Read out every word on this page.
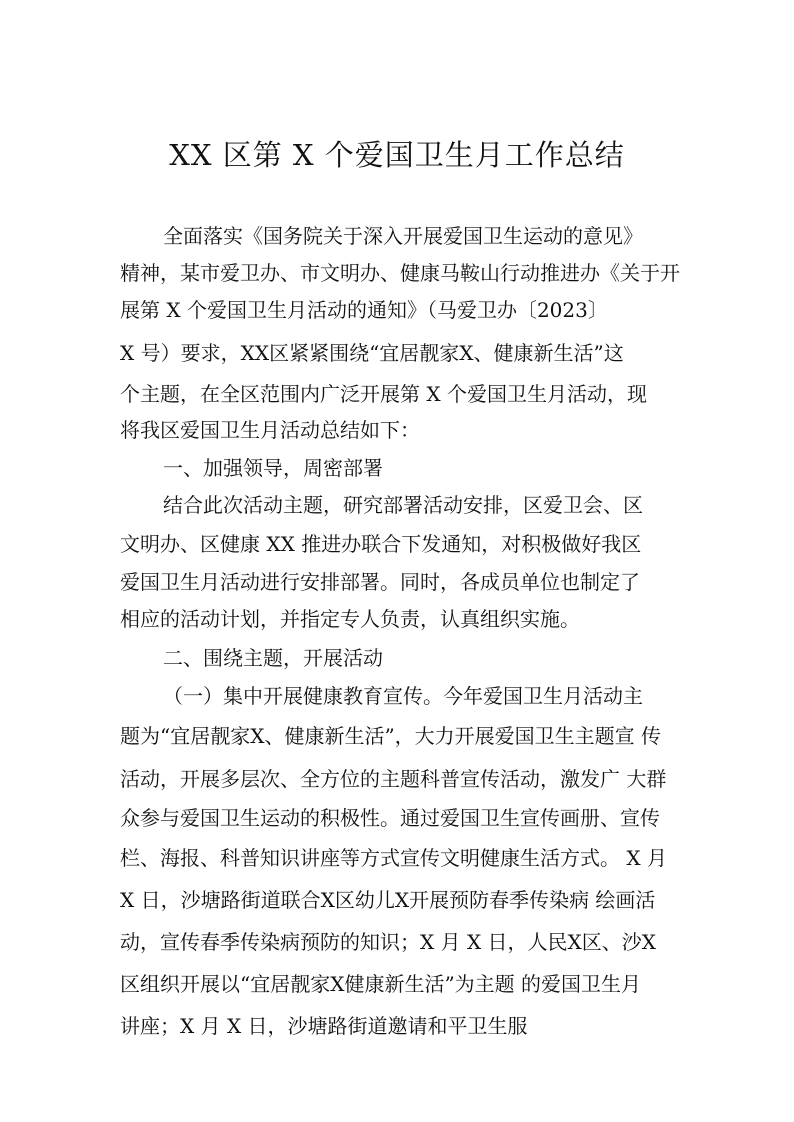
XX 区第 X 个爱国卫生月工作总结
全面落实《国务院关于深入开展爱国卫生运动的意见》
精神，某市爱卫办、市文明办、健康马鞍山行动推进办《关于开
展第 X 个爱国卫生月活动的通知》（马爱卫办〔2023〕
X 号）要求，XX区紧紧围绕“宜居靓家X、健康新生活”这
个主题，在全区范围内广泛开展第 X 个爱国卫生月活动，现
将我区爱国卫生月活动总结如下：
一、加强领导，周密部署
结合此次活动主题，研究部署活动安排，区爱卫会、区
文明办、区健康 XX 推进办联合下发通知，对积极做好我区
爱国卫生月活动进行安排部署。同时，各成员单位也制定了
相应的活动计划，并指定专人负责，认真组织实施。
二、围绕主题，开展活动
（一）集中开展健康教育宣传。今年爱国卫生月活动主
题为“宜居靓家X、健康新生活”，大力开展爱国卫生主题宣 传
活动，开展多层次、全方位的主题科普宣传活动，激发广 大群
众参与爱国卫生运动的积极性。通过爱国卫生宣传画册、宣传
栏、海报、科普知识讲座等方式宣传文明健康生活方式。 X 月
X 日，沙塘路街道联合X区幼儿X开展预防春季传染病 绘画活
动，宣传春季传染病预防的知识；X 月 X 日，人民X区、沙X
区组织开展以“宜居靓家X健康新生活”为主题 的爱国卫生月
讲座；X 月 X 日，沙塘路街道邀请和平卫生服
